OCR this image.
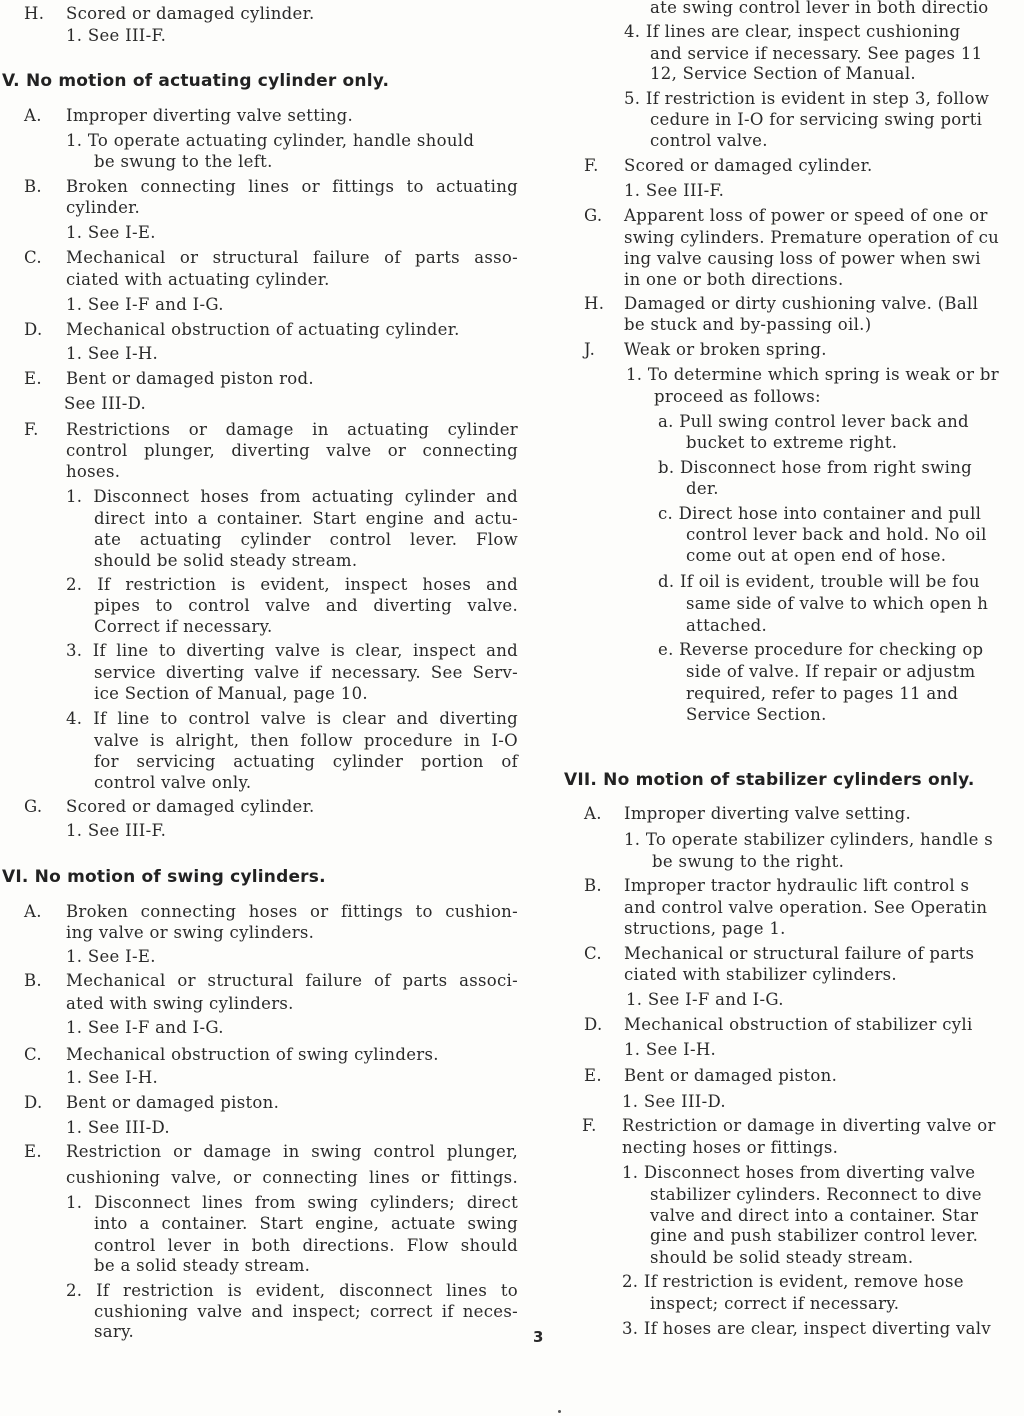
H. Scored or damaged cylinder.
1. See III-F.
V. No motion of actuating cylinder only.
A. Improper diverting valve setting.
1. To operate actuating cylinder, handle should
be swung to the left.
B. Broken connecting lines or fittings to actuating
cylinder.
1. See I-E.
C. Mechanical or structural failure of parts asso-
ciated with actuating cylinder.
1. See I-F and I-G.
D. Mechanical obstruction of actuating cylinder.
1. See I-H.
E. Bent or damaged piston rod.
See III-D.
F. Restrictions or damage in actuating cylinder
control plunger, diverting valve or connecting
hoses.
1. Disconnect hoses from actuating cylinder and
direct into a container. Start engine and actu-
ate actuating cylinder control lever. Flow
should be solid steady stream.
2. If restriction is evident, inspect hoses and
pipes to control valve and diverting valve.
Correct if necessary.
3. If line to diverting valve is clear, inspect and
service diverting valve if necessary. See Serv-
ice Section of Manual, page 10.
4. If line to control valve is clear and diverting
valve is alright, then follow procedure in I-O
for servicing actuating cylinder portion of
control valve only.
G. Scored or damaged cylinder.
1. See III-F.
VI. No motion of swing cylinders.
A. Broken connecting hoses or fittings to cushion-
ing valve or swing cylinders.
1. See I-E.
B. Mechanical or structural failure of parts associ-
ated with swing cylinders.
1. See I-F and I-G.
C. Mechanical obstruction of swing cylinders.
1. See I-H.
D. Bent or damaged piston.
1. See III-D.
E. Restriction or damage in swing control plunger,
cushioning valve, or connecting lines or fittings.
1. Disconnect lines from swing cylinders; direct
into a container. Start engine, actuate swing
control lever in both directions. Flow should
be a solid steady stream.
2. If restriction is evident, disconnect lines to
cushioning valve and inspect; correct if neces-
sary.
ate swing control lever in both directio
4. If lines are clear, inspect cushioning
and service if necessary. See pages 11
12, Service Section of Manual.
5. If restriction is evident in step 3, follow
cedure in I-O for servicing swing porti
control valve.
F. Scored or damaged cylinder.
1. See III-F.
G. Apparent loss of power or speed of one or
swing cylinders. Premature operation of cu
ing valve causing loss of power when swi
in one or both directions.
H. Damaged or dirty cushioning valve. (Ball
be stuck and by-passing oil.)
J. Weak or broken spring.
1. To determine which spring is weak or br
proceed as follows:
a. Pull swing control lever back and
bucket to extreme right.
b. Disconnect hose from right swing
der.
c. Direct hose into container and pull
control lever back and hold. No oil
come out at open end of hose.
d. If oil is evident, trouble will be fou
same side of valve to which open h
attached.
e. Reverse procedure for checking op
side of valve. If repair or adjustm
required, refer to pages 11 and
Service Section.
VII. No motion of stabilizer cylinders only.
A. Improper diverting valve setting.
1. To operate stabilizer cylinders, handle s
be swung to the right.
B. Improper tractor hydraulic lift control s
and control valve operation. See Operatin
structions, page 1.
C. Mechanical or structural failure of parts
ciated with stabilizer cylinders.
1. See I-F and I-G.
D. Mechanical obstruction of stabilizer cyli
1. See I-H.
E. Bent or damaged piston.
1. See III-D.
F. Restriction or damage in diverting valve or
necting hoses or fittings.
1. Disconnect hoses from diverting valve
stabilizer cylinders. Reconnect to dive
valve and direct into a container. Star
gine and push stabilizer control lever.
should be solid steady stream.
2. If restriction is evident, remove hose
inspect; correct if necessary.
3. If hoses are clear, inspect diverting valv
3
